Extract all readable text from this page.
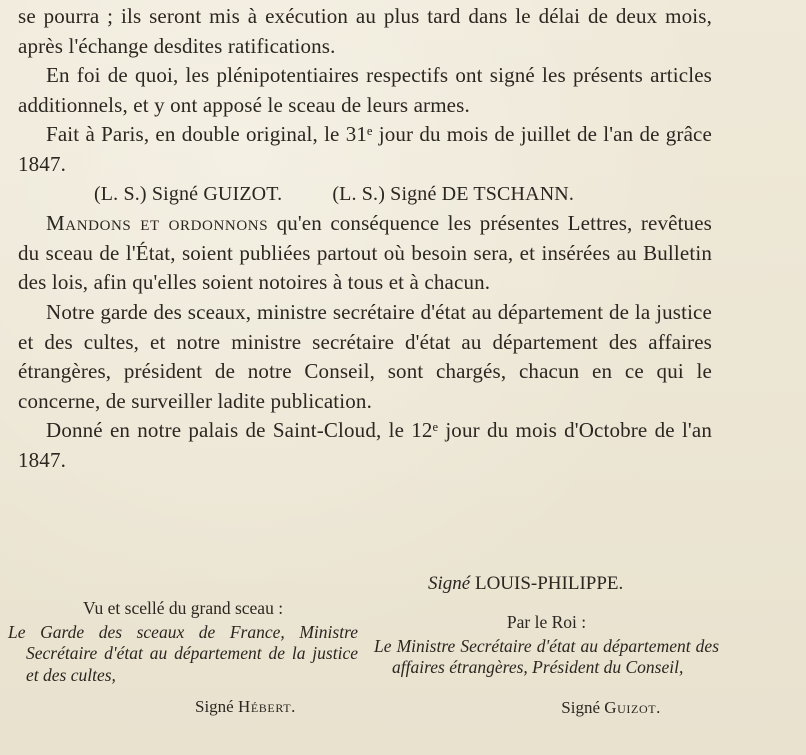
se pourra ; ils seront mis à exécution au plus tard dans le délai de deux mois, après l'échange desdites ratifications.

En foi de quoi, les plénipotentiaires respectifs ont signé les présents articles additionnels, et y ont apposé le sceau de leurs armes.

Fait à Paris, en double original, le 31ᵉ jour du mois de juillet de l'an de grâce 1847.

(L. S.) Signé GUIZOT.	(L. S.) Signé DE TSCHANN.

Mandons et ordonnons qu'en conséquence les présentes Lettres, revêtues du sceau de l'État, soient publiées partout où besoin sera, et insérées au Bulletin des lois, afin qu'elles soient notoires à tous et à chacun.

Notre garde des sceaux, ministre secrétaire d'état au département de la justice et des cultes, et notre ministre secrétaire d'état au département des affaires étrangères, président de notre Conseil, sont chargés, chacun en ce qui le concerne, de surveiller ladite publication.

Donné en notre palais de Saint-Cloud, le 12ᵉ jour du mois d'Octobre de l'an 1847.

Signé LOUIS-PHILIPPE.

Vu et scellé du grand sceau :

Le Garde des sceaux de France, Ministre Secrétaire d'état au département de la justice et des cultes,

Signé Hébert.

Par le Roi :

Le Ministre Secrétaire d'état au département des affaires étrangères, Président du Conseil,

Signé Guizot.
